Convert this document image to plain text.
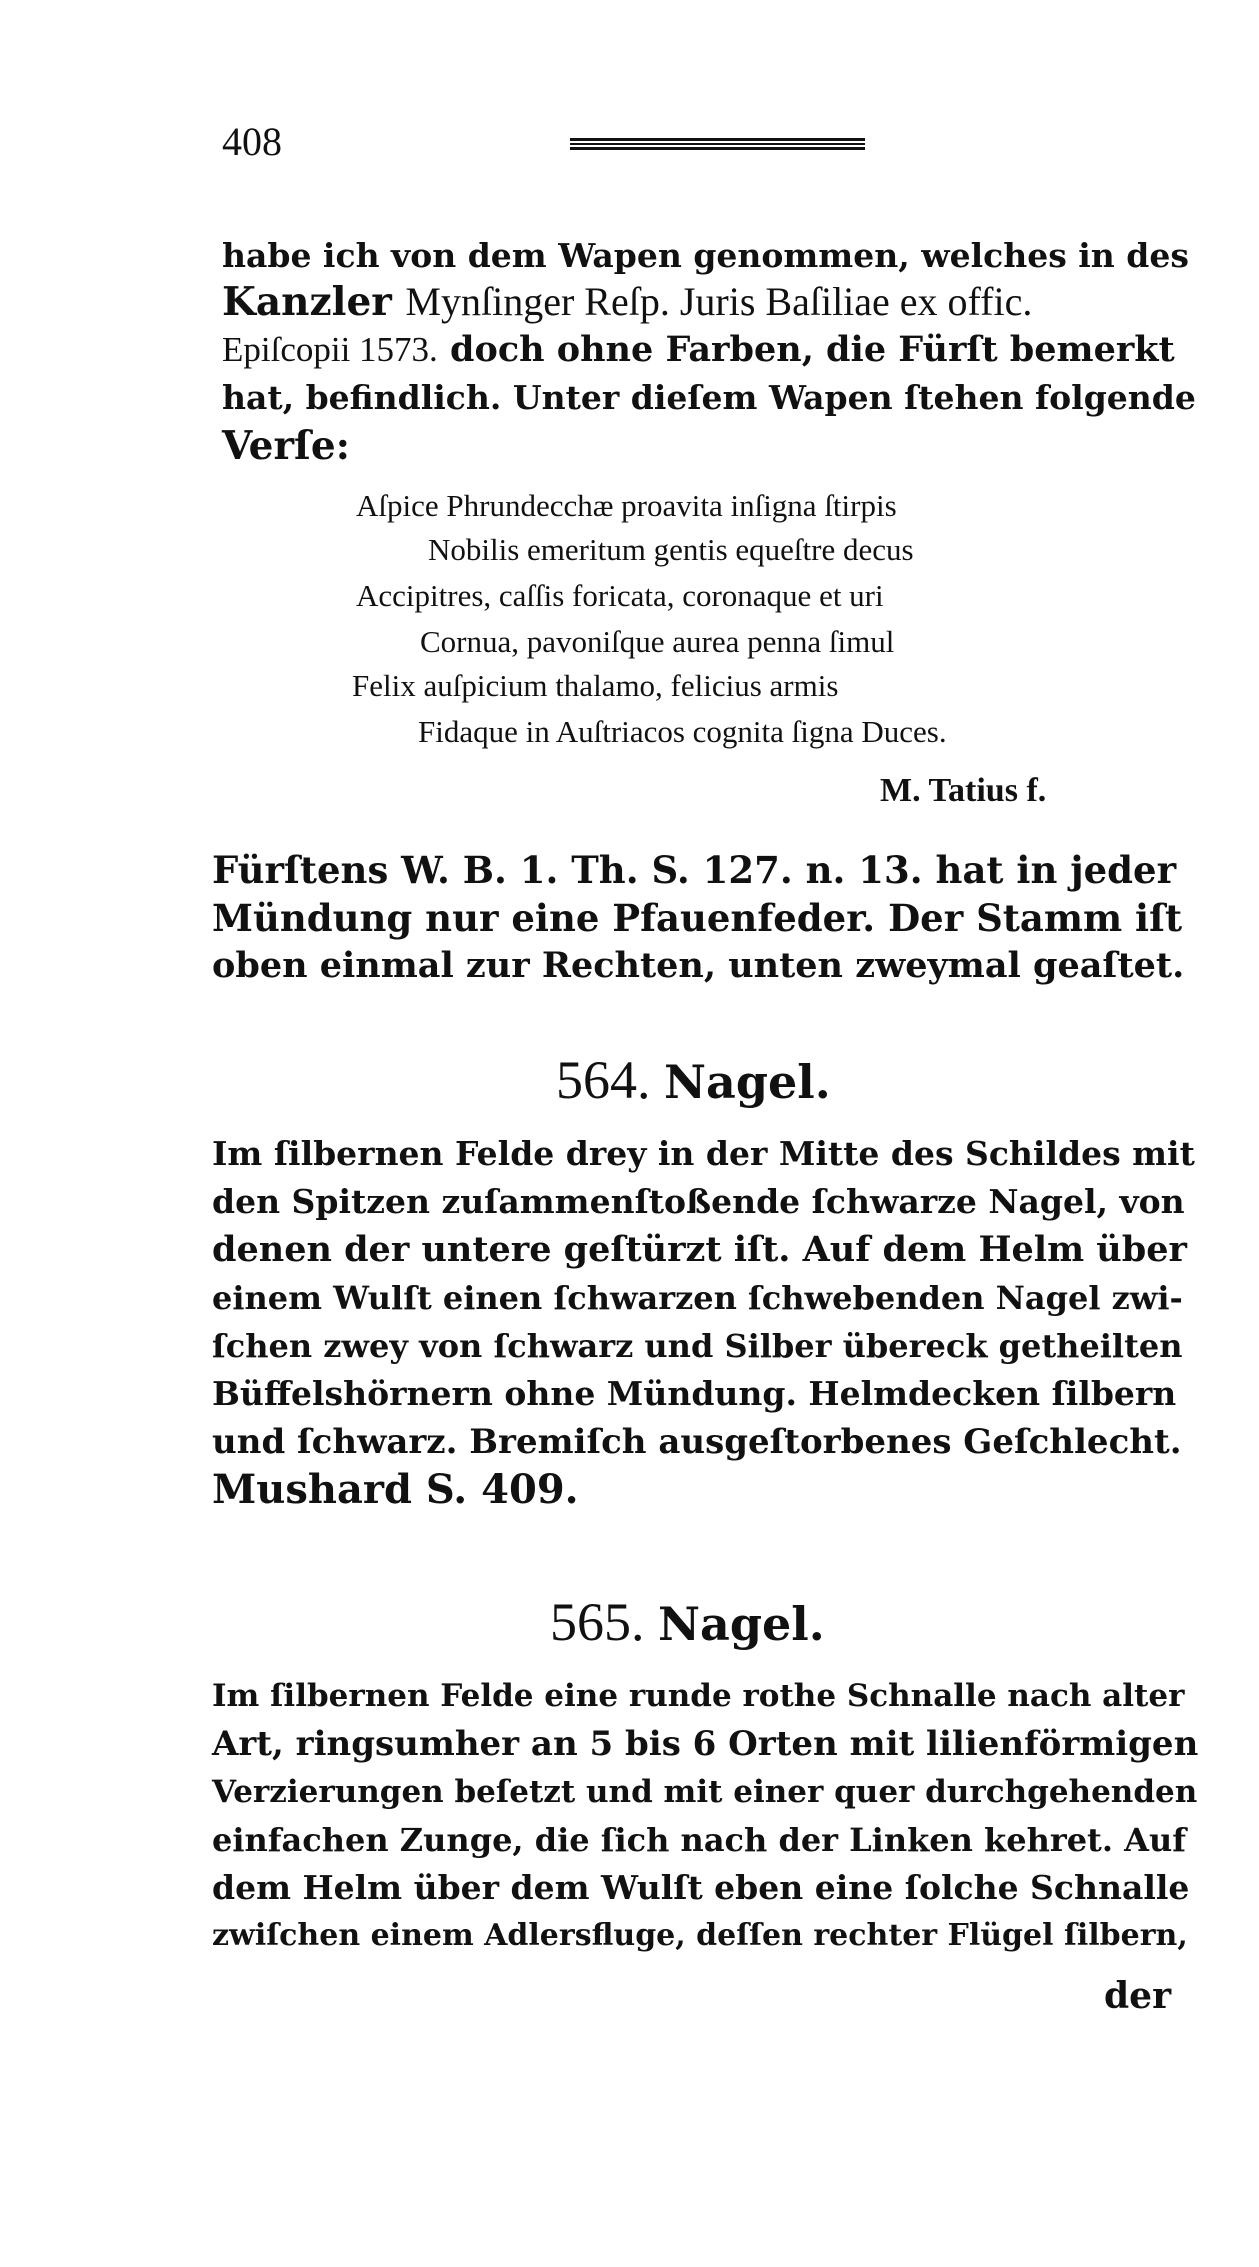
408
habe ich von dem Wapen genommen, welches in des
Kanzler Mynſinger Reſp. Juris Baſiliae ex offic.
Epiſcopii 1573. doch ohne Farben, die Fürſt bemerkt
hat, befindlich. Unter dieſem Wapen ſtehen folgende
Verſe:
Aſpice Phrundecchæ proavita inſigna ſtirpis
Nobilis emeritum gentis equeſtre decus
Accipitres, caſſis foricata, coronaque et uri
Cornua, pavoniſque aurea penna ſimul
Felix auſpicium thalamo, felicius armis
Fidaque in Auſtriacos cognita ſigna Duces.
M. Tatius f.
Fürſtens W. B. 1. Th. S. 127. n. 13. hat in jeder
Mündung nur eine Pfauenfeder. Der Stamm iſt
oben einmal zur Rechten, unten zweymal geaſtet.
564. Nagel.
Im ſilbernen Felde drey in der Mitte des Schildes mit
den Spitzen zuſammenſtoßende ſchwarze Nagel, von
denen der untere geſtürzt iſt. Auf dem Helm über
einem Wulſt einen ſchwarzen ſchwebenden Nagel zwi-
ſchen zwey von ſchwarz und Silber übereck getheilten
Büffelshörnern ohne Mündung. Helmdecken ſilbern
und ſchwarz. Bremiſch ausgeſtorbenes Geſchlecht.
Mushard S. 409.
565. Nagel.
Im ſilbernen Felde eine runde rothe Schnalle nach alter
Art, ringsumher an 5 bis 6 Orten mit lilienförmigen
Verzierungen beſetzt und mit einer quer durchgehenden
einfachen Zunge, die ſich nach der Linken kehret. Auf
dem Helm über dem Wulſt eben eine ſolche Schnalle
zwiſchen einem Adlersfluge, deſſen rechter Flügel ſilbern,
der
